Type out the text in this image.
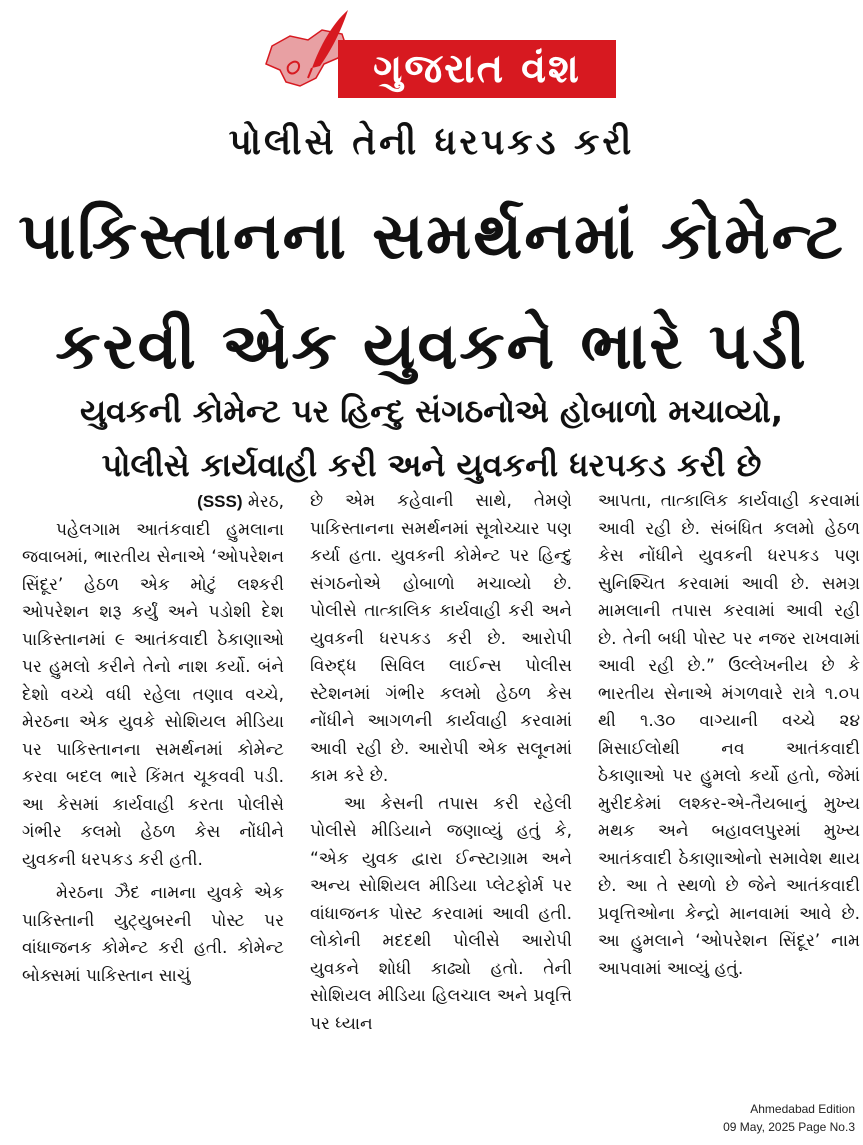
ગુજરાત વંશ
પોલીસે તેની ધરપકડ કરી
પાકિસ્તાનના સમર્થનમાં કોમેન્ટ
કરવી એક યુવકને ભારે પડી
યુવકની કોમેન્ટ પર હિન્દુ સંગઠનોએ હોબાળો મચાવ્યો,
પોલીસે કાર્યવાહી કરી અને યુવકની ધરપકડ કરી છે

(SSS) મેરઠ,

પહેલગામ આતંકવાદી હુમલાના જવાબમાં, ભારતીય સેનાએ ‘ઓપરેશન સિંદૂર’ હેઠળ એક મોટું લશ્કરી ઓપરેશન શરૂ કર્યું અને પડોશી દેશ પાકિસ્તાનમાં ૯ આતંકવાદી ઠેકાણાઓ પર હુમલો કરીને તેનો નાશ કર્યો. બંને દેશો વચ્ચે વધી રહેલા તણાવ વચ્ચે, મેરઠના એક યુવકે સોશિયલ મીડિયા પર પાકિસ્તાનના સમર્થનમાં કોમેન્ટ કરવા બદલ ભારે કિંમત ચૂકવવી પડી. આ કેસમાં કાર્યવાહી કરતા પોલીસે ગંભીર કલમો હેઠળ કેસ નોંધીને યુવકની ધરપકડ કરી હતી.

મેરઠના ઝૈદ નામના યુવકે એક પાકિસ્તાની યુટ્યુબરની પોસ્ટ પર વાંધાજનક કોમેન્ટ કરી હતી. કોમેન્ટ બોક્સમાં પાકિસ્તાન સાચું

છે એમ કહેવાની સાથે, તેમણે પાકિસ્તાનના સમર્થનમાં સૂત્રોચ્ચાર પણ કર્યા હતા. યુવકની કોમેન્ટ પર હિન્દુ સંગઠનોએ હોબાળો મચાવ્યો છે. પોલીસે તાત્કાલિક કાર્યવાહી કરી અને યુવકની ધરપકડ કરી છે. આરોપી વિરુદ્ધ સિવિલ લાઈન્સ પોલીસ સ્ટેશનમાં ગંભીર કલમો હેઠળ કેસ નોંધીને આગળની કાર્યવાહી કરવામાં આવી રહી છે. આરોપી એક સલૂનમાં કામ કરે છે.

આ કેસની તપાસ કરી રહેલી પોલીસે મીડિયાને જણાવ્યું હતું કે, “એક યુવક દ્વારા ઈન્સ્ટાગ્રામ અને અન્ય સોશિયલ મીડિયા પ્લેટફોર્મ પર વાંધાજનક પોસ્ટ કરવામાં આવી હતી. લોકોની મદદથી પોલીસે આરોપી યુવકને શોધી કાઢ્યો હતો. તેની સોશિયલ મીડિયા હિલચાલ અને પ્રવૃત્તિ પર ધ્યાન

આપતા, તાત્કાલિક કાર્યવાહી કરવામાં આવી રહી છે. સંબંધિત કલમો હેઠળ કેસ નોંધીને યુવકની ધરપકડ પણ સુનિશ્ચિત કરવામાં આવી છે. સમગ્ર મામલાની તપાસ કરવામાં આવી રહી છે. તેની બધી પોસ્ટ પર નજર રાખવામાં આવી રહી છે.” ઉલ્લેખનીય છે કે ભારતીય સેનાએ મંગળવારે રાત્રે ૧.૦૫ થી ૧.૩૦ વાગ્યાની વચ્ચે ૨૪ મિસાઈલોથી નવ આતંકવાદી ઠેકાણાઓ પર હુમલો કર્યો હતો, જેમાં મુરીદકેમાં લશ્કર-એ-તૈયબાનું મુખ્ય મથક અને બહાવલપુરમાં મુખ્ય આતંકવાદી ઠેકાણાઓનો સમાવેશ થાય છે. આ તે સ્થળો છે જેને આતંકવાદી પ્રવૃત્તિઓના કેન્દ્રો માનવામાં આવે છે. આ હુમલાને ‘ઓપરેશન સિંદૂર’ નામ આપવામાં આવ્યું હતું.

Ahmedabad Edition
09 May, 2025 Page No.3
